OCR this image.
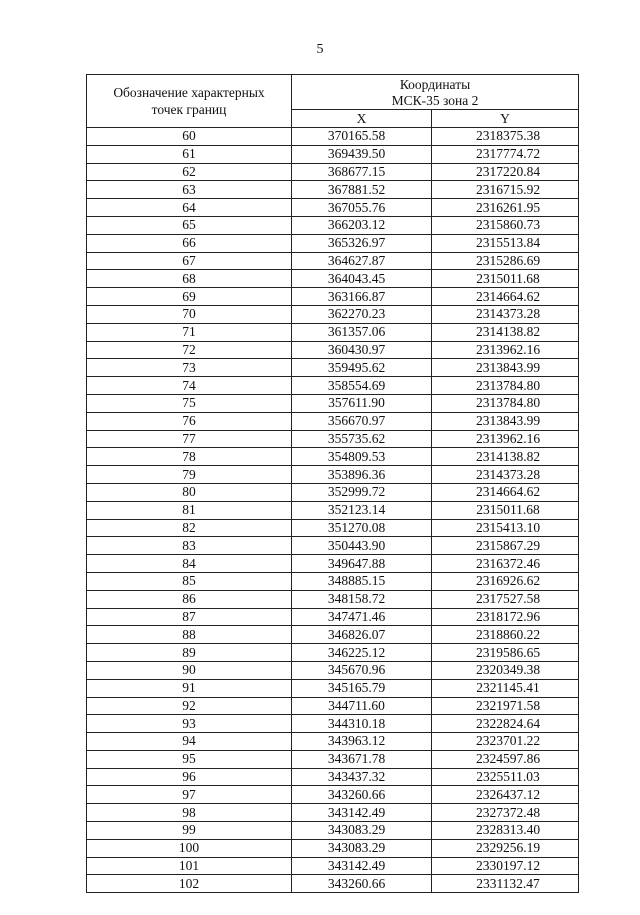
5
Обозначение характерных
точек границ	Координаты
МСК-35 зона 2	

	X	Y
60	370165.58	2318375.38
61	369439.50	2317774.72
62	368677.15	2317220.84
63	367881.52	2316715.92
64	367055.76	2316261.95
65	366203.12	2315860.73
66	365326.97	2315513.84
67	364627.87	2315286.69
68	364043.45	2315011.68
69	363166.87	2314664.62
70	362270.23	2314373.28
71	361357.06	2314138.82
72	360430.97	2313962.16
73	359495.62	2313843.99
74	358554.69	2313784.80
75	357611.90	2313784.80
76	356670.97	2313843.99
77	355735.62	2313962.16
78	354809.53	2314138.82
79	353896.36	2314373.28
80	352999.72	2314664.62
81	352123.14	2315011.68
82	351270.08	2315413.10
83	350443.90	2315867.29
84	349647.88	2316372.46
85	348885.15	2316926.62
86	348158.72	2317527.58
87	347471.46	2318172.96
88	346826.07	2318860.22
89	346225.12	2319586.65
90	345670.96	2320349.38
91	345165.79	2321145.41
92	344711.60	2321971.58
93	344310.18	2322824.64
94	343963.12	2323701.22
95	343671.78	2324597.86
96	343437.32	2325511.03
97	343260.66	2326437.12
98	343142.49	2327372.48
99	343083.29	2328313.40
100	343083.29	2329256.19
101	343142.49	2330197.12
102	343260.66	2331132.47
